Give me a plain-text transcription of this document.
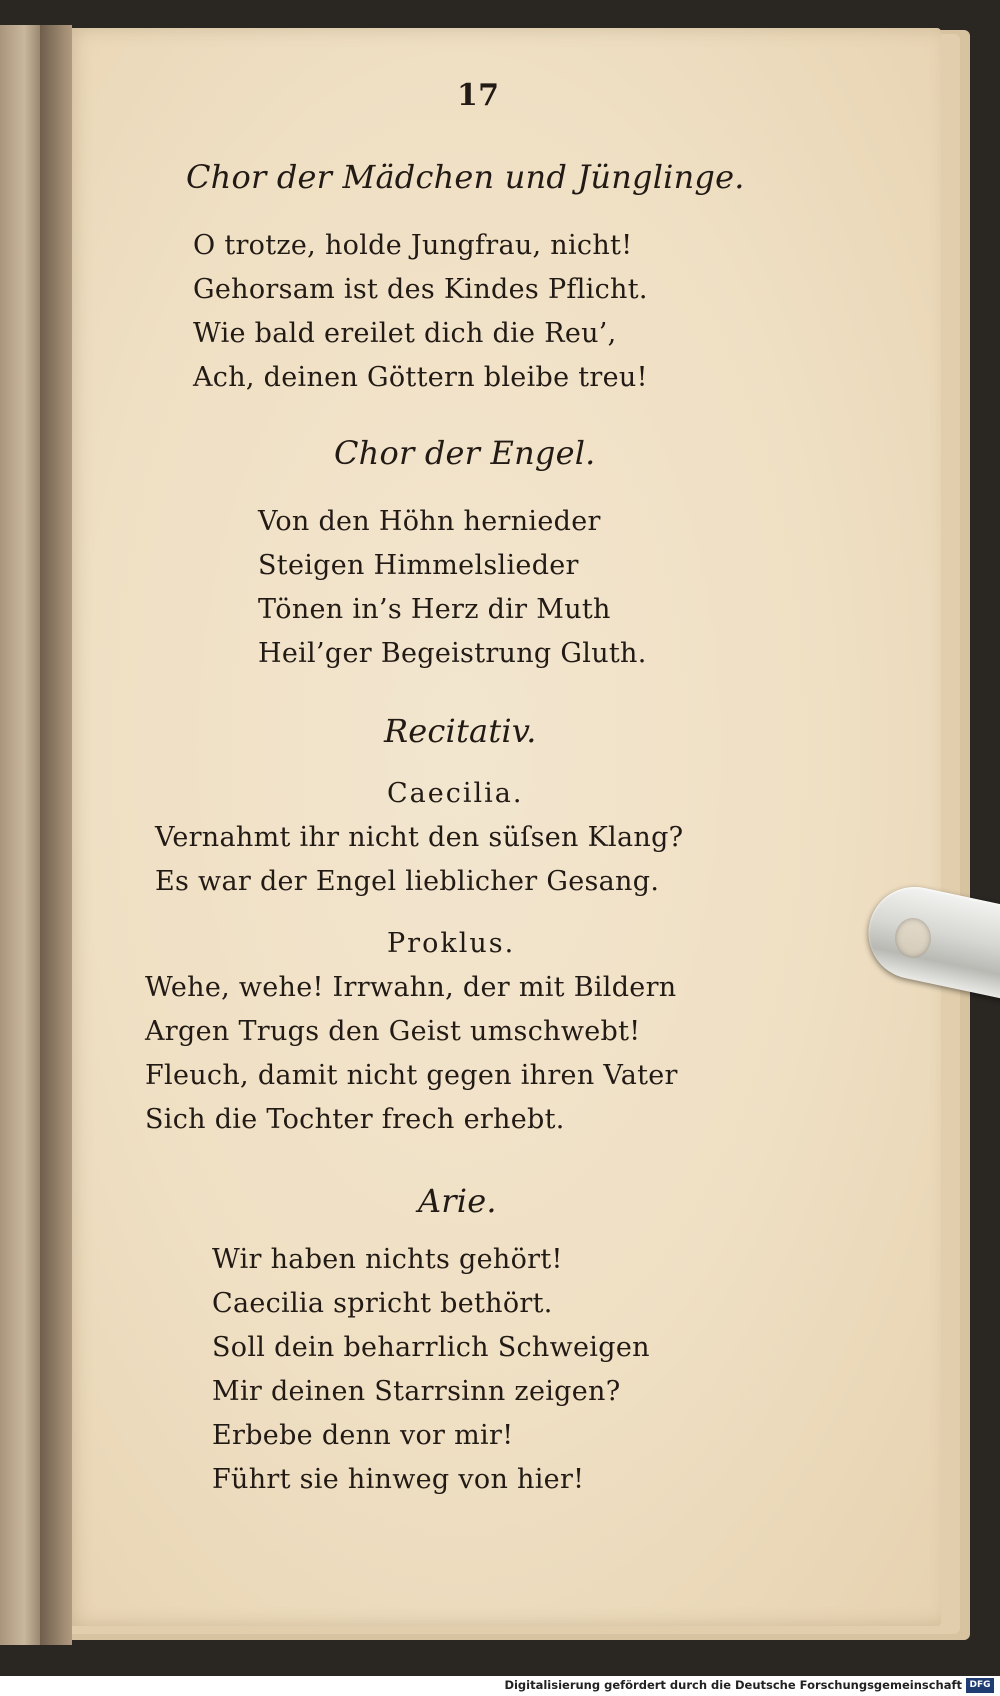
17
Chor der Mädchen und Jünglinge.
O trotze, holde Jungfrau, nicht!
Gehorsam ist des Kindes Pflicht.
Wie bald ereilet dich die Reu’,
Ach, deinen Göttern bleibe treu!
Chor der Engel.
Von den Höhn hernieder
Steigen Himmelslieder
Tönen in’s Herz dir Muth
Heil’ger Begeistrung Gluth.
Recitativ.
Caecilia.
Vernahmt ihr nicht den süſsen Klang?
Es war der Engel lieblicher Gesang.
Proklus.
Wehe, wehe! Irrwahn, der mit Bildern
Argen Trugs den Geist umschwebt!
Fleuch, damit nicht gegen ihren Vater
Sich die Tochter frech erhebt.
Arie.
Wir haben nichts gehört!
Caecilia spricht bethört.
Soll dein beharrlich Schweigen
Mir deinen Starrsinn zeigen?
Erbebe denn vor mir!
Führt sie hinweg von hier!
Digitalisierung gefördert durch die Deutsche Forschungsgemeinschaft DFG
